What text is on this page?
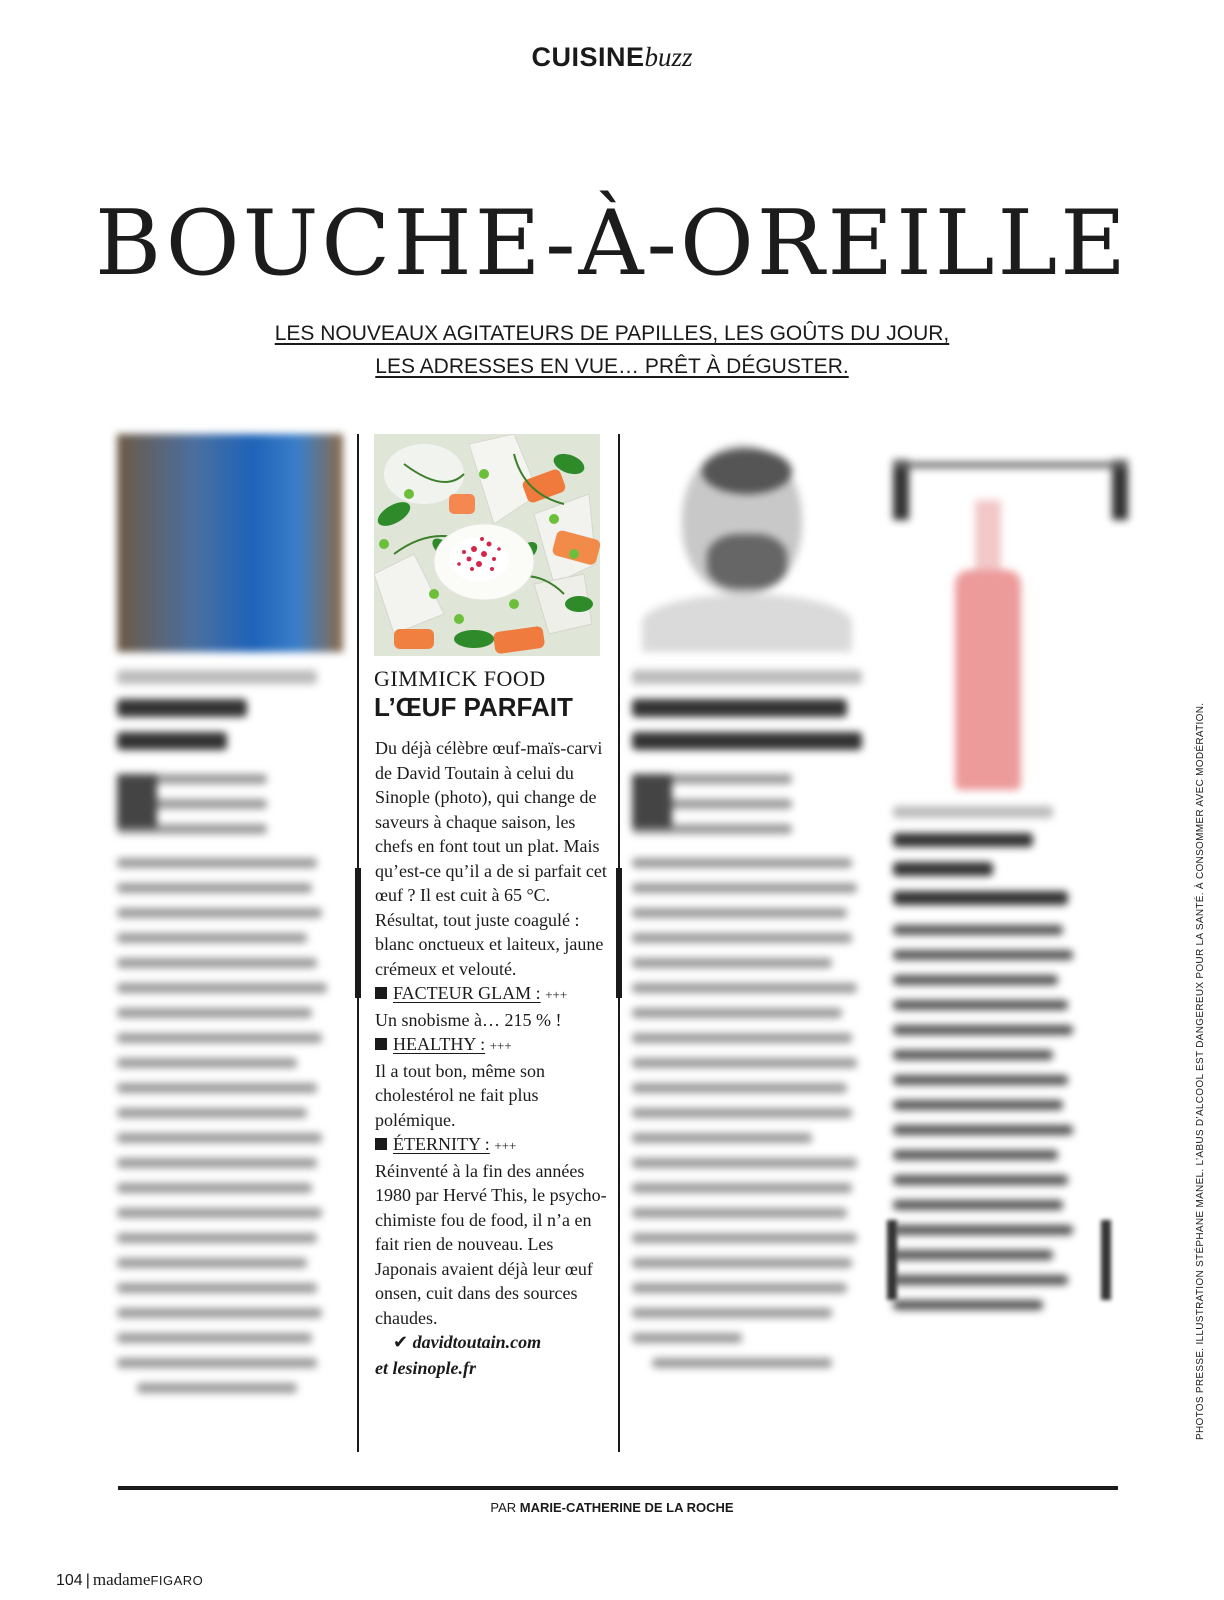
CUISINEbuzz
BOUCHE-À-OREILLE
LES NOUVEAUX AGITATEURS DE PAPILLES, LES GOÛTS DU JOUR,
LES ADRESSES EN VUE… PRÊT À DÉGUSTER.
GIMMICK FOOD
L’ŒUF PARFAIT

Du déjà célèbre œuf-maïs-carvi de David Toutain à celui du Sinople (photo), qui change de saveurs à chaque saison, les chefs en font tout un plat. Mais qu’est-ce qu’il a de si parfait cet œuf ? Il est cuit à 65 °C. Résultat, tout juste coagulé : blanc onctueux et laiteux, jaune crémeux et velouté.

FACTEUR GLAM : +++
Un snobisme à… 215 % !
HEALTHY : +++
Il a tout bon, même son cholestérol ne fait plus polémique.
ÉTERNITY : +++
Réinventé à la fin des années 1980 par Hervé This, le psycho-chimiste fou de food, il n’a en fait rien de nouveau. Les Japonais avaient déjà leur œuf onsen, cuit dans des sources chaudes.
✔ davidtoutain.com
et lesinople.fr	PHOTOS PRESSE. ILLUSTRATION STÉPHANE MANEL. L’ABUS D’ALCOOL EST DANGEREUX POUR LA SANTÉ. À CONSOMMER AVEC MODÉRATION.
PAR MARIE-CATHERINE DE LA ROCHE
104 | madameFIGARO
